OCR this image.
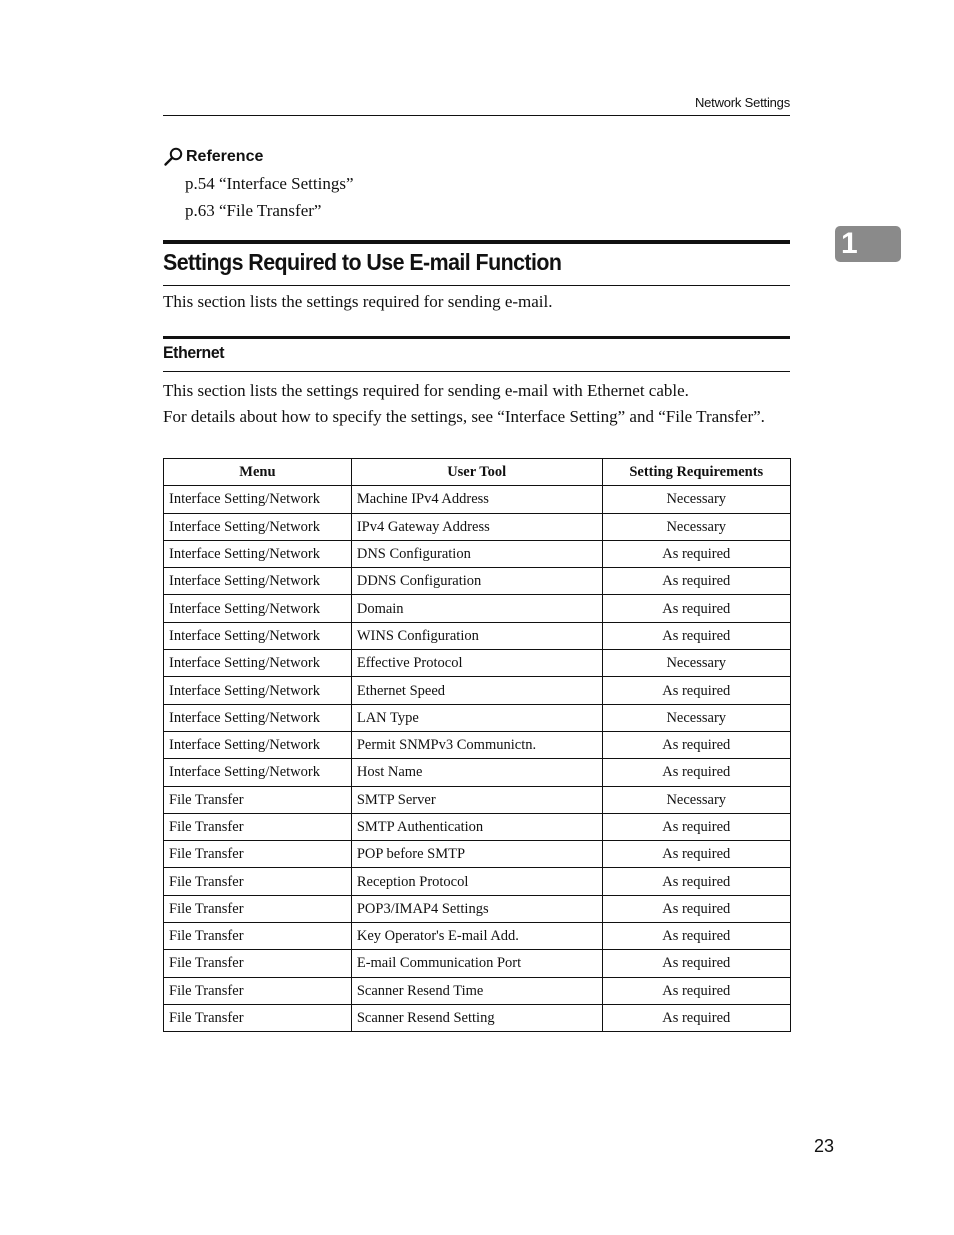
Network Settings
Reference
p.54 “Interface Settings”
p.63 “File Transfer”
1
Settings Required to Use E-mail Function
This section lists the settings required for sending e-mail.
Ethernet
This section lists the settings required for sending e-mail with Ethernet cable.
For details about how to specify the settings, see “Interface Setting” and “File Transfer”.
Menu	User Tool	Setting Requirements
Interface Setting/Network	Machine IPv4 Address	Necessary
Interface Setting/Network	IPv4 Gateway Address	Necessary
Interface Setting/Network	DNS Configuration	As required
Interface Setting/Network	DDNS Configuration	As required
Interface Setting/Network	Domain	As required
Interface Setting/Network	WINS Configuration	As required
Interface Setting/Network	Effective Protocol	Necessary
Interface Setting/Network	Ethernet Speed	As required
Interface Setting/Network	LAN Type	Necessary
Interface Setting/Network	Permit SNMPv3 Communictn.	As required
Interface Setting/Network	Host Name	As required
File Transfer	SMTP Server	Necessary
File Transfer	SMTP Authentication	As required
File Transfer	POP before SMTP	As required
File Transfer	Reception Protocol	As required
File Transfer	POP3/IMAP4 Settings	As required
File Transfer	Key Operator's E-mail Add.	As required
File Transfer	E-mail Communication Port	As required
File Transfer	Scanner Resend Time	As required
File Transfer	Scanner Resend Setting	As required
23
